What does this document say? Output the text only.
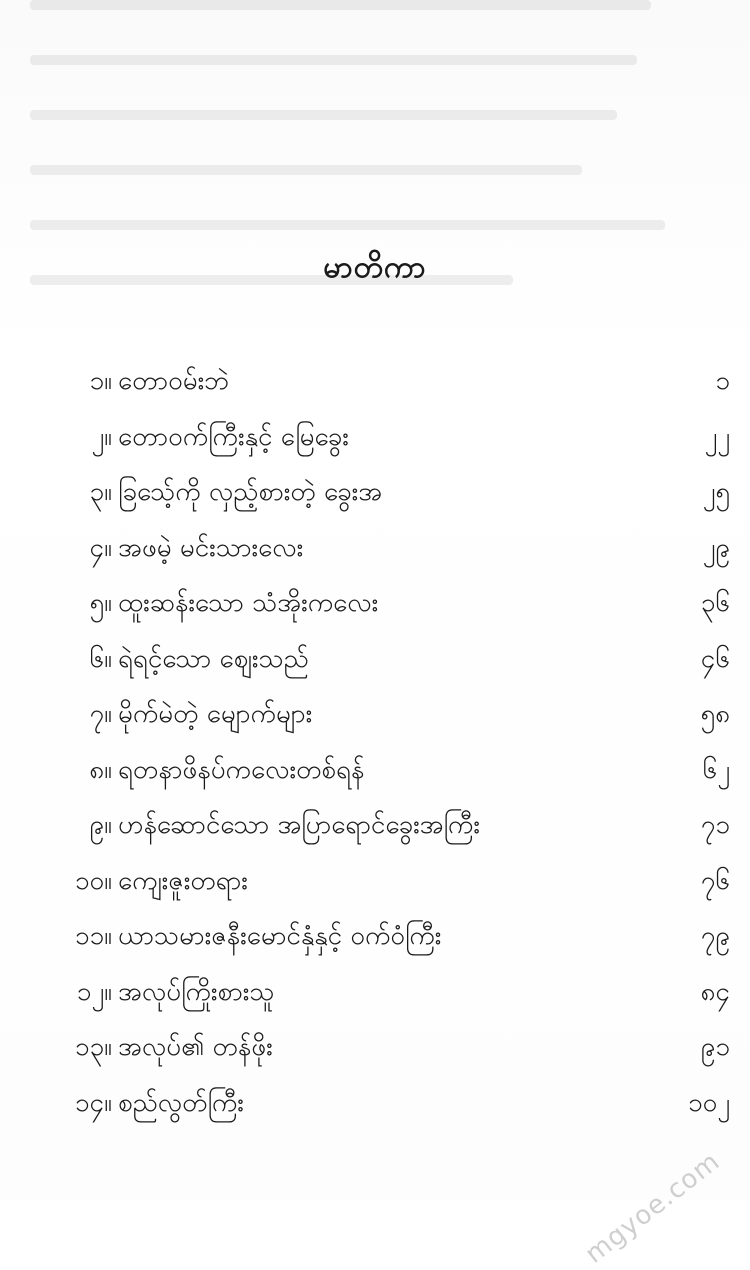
မာတိကာ
၁။ တောဝမ်းဘဲ	၁
၂။ တောဝက်ကြီးနှင့် မြေခွေး	၂၂
၃။ ခြသေ့်ကို လှည့်စားတဲ့ ခွေးအ	၂၅
၄။ အဖမဲ့ မင်းသားလေး	၂၉
၅။ ထူးဆန်းသော သံအိုးကလေး	၃၆
၆။ ရဲရင့်သော ဈေးသည်	၄၆
၇။ မိုက်မဲတဲ့ မျောက်များ	၅၈
၈။ ရတနာဖိနပ်ကလေးတစ်ရန်	၆၂
၉။ ဟန်ဆောင်သော အပြာရောင်ခွေးအကြီး	၇၁
၁၀။ ကျေးဇူးတရား	၇၆
၁၁။ ယာသမားဇနီးမောင်နှံနှင့် ဝက်ဝံကြီး	၇၉
၁၂။ အလုပ်ကြိုးစားသူ	၈၄
၁၃။ အလုပ်၏ တန်ဖိုး	၉၁
၁၄။ စည်လွတ်ကြီး	၁၀၂
mgyoe.com
